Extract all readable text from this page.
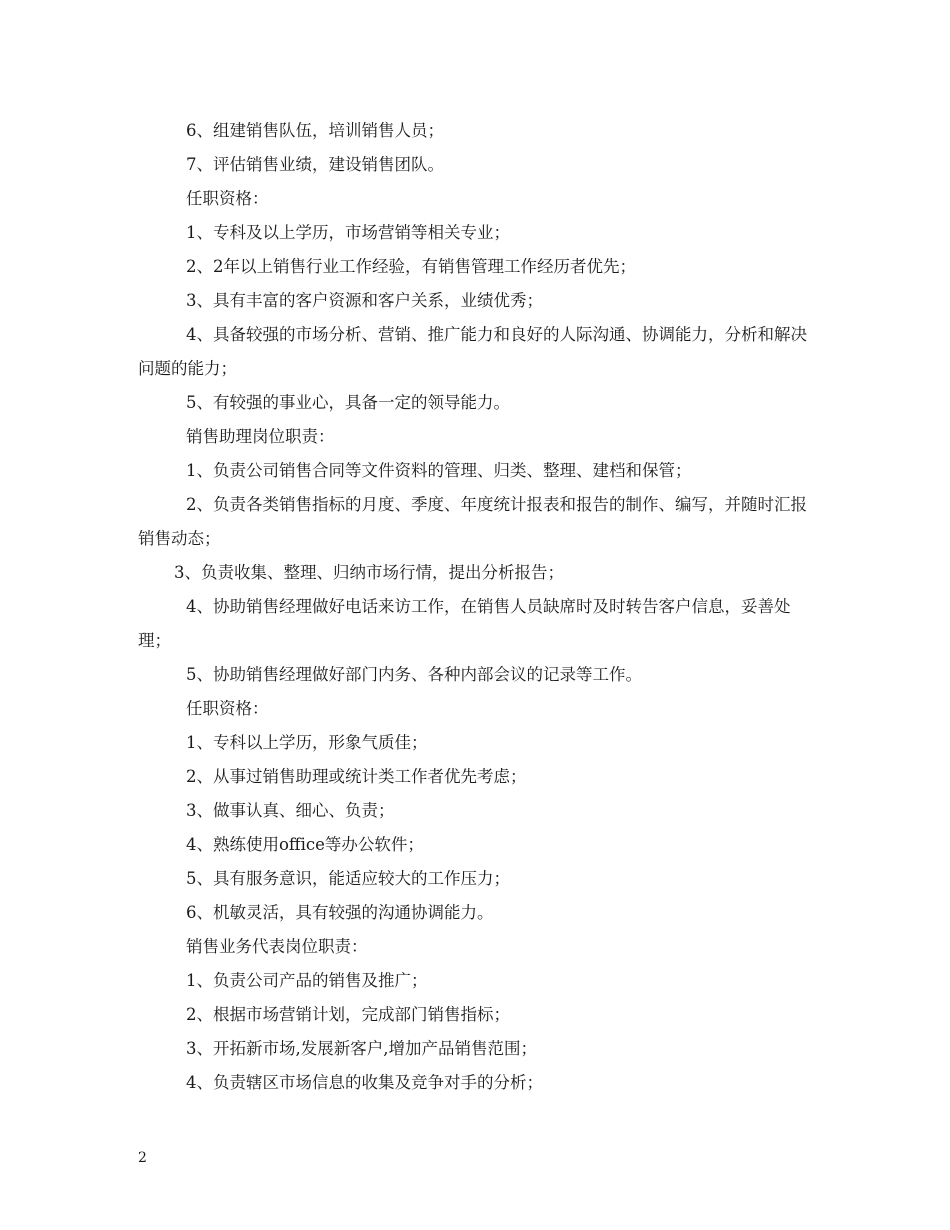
6、组建销售队伍，培训销售人员；

7、评估销售业绩，建设销售团队。

任职资格：

1、专科及以上学历，市场营销等相关专业；

2、2年以上销售行业工作经验，有销售管理工作经历者优先；

3、具有丰富的客户资源和客户关系，业绩优秀；

4、具备较强的市场分析、营销、推广能力和良好的人际沟通、协调能力，分析和解决问题的能力；

5、有较强的事业心，具备一定的领导能力。

销售助理岗位职责：

1、负责公司销售合同等文件资料的管理、归类、整理、建档和保管；

2、负责各类销售指标的月度、季度、年度统计报表和报告的制作、编写，并随时汇报销售动态；

3、负责收集、整理、归纳市场行情，提出分析报告；

4、协助销售经理做好电话来访工作，在销售人员缺席时及时转告客户信息，妥善处理；

5、协助销售经理做好部门内务、各种内部会议的记录等工作。

任职资格：

1、专科以上学历，形象气质佳；

2、从事过销售助理或统计类工作者优先考虑；

3、做事认真、细心、负责；

4、熟练使用office等办公软件；

5、具有服务意识，能适应较大的工作压力；

6、机敏灵活，具有较强的沟通协调能力。

销售业务代表岗位职责：

1、负责公司产品的销售及推广；

2、根据市场营销计划，完成部门销售指标；

3、开拓新市场,发展新客户,增加产品销售范围；

4、负责辖区市场信息的收集及竞争对手的分析；

2
